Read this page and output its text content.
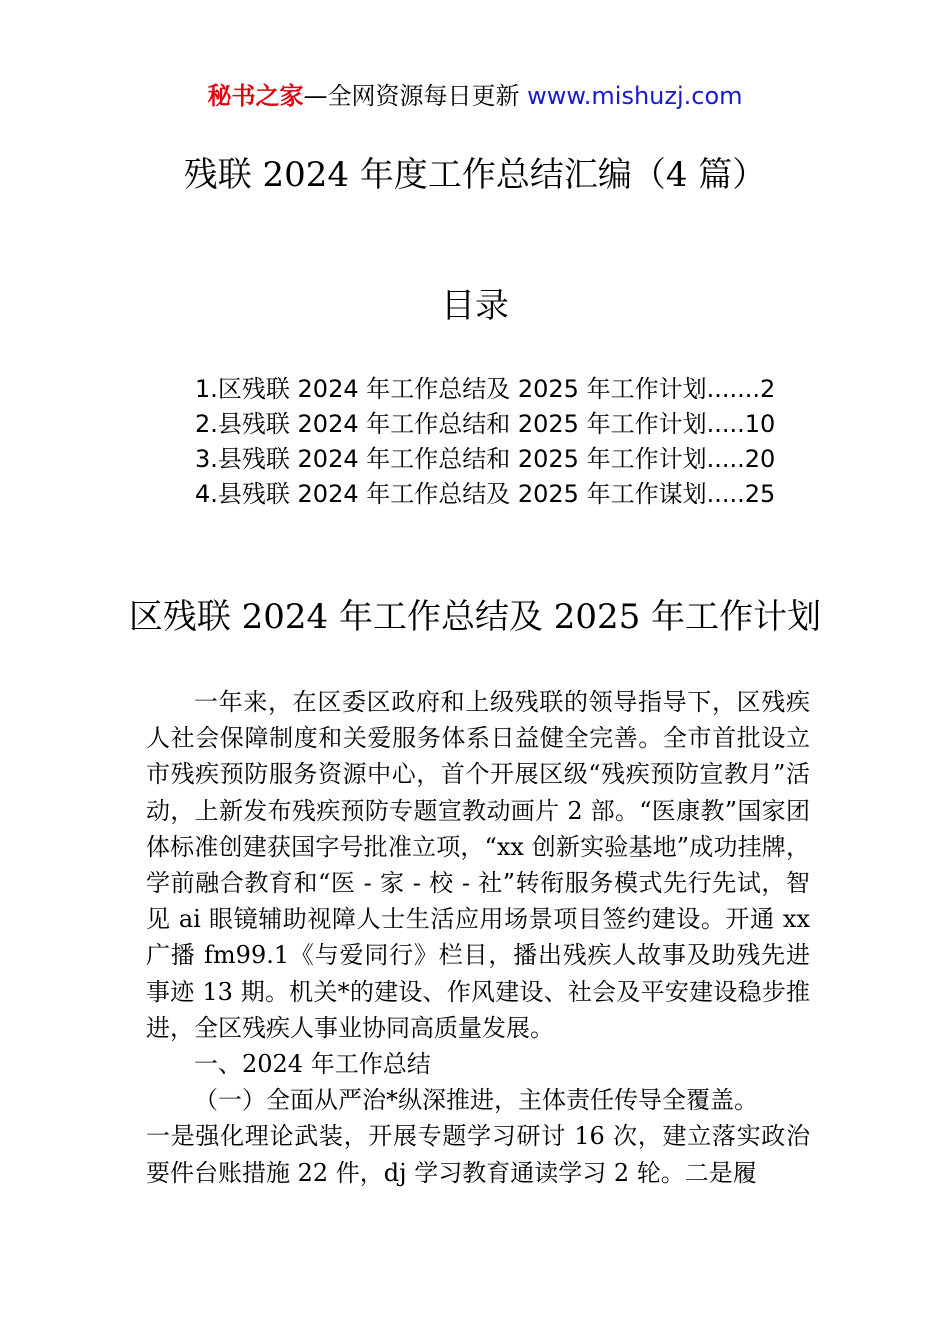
秘书之家—全网资源每日更新 www.mishuzj.com
残联 2024 年度工作总结汇编（4 篇）
目录
1.区残联 2024 年工作总结及 2025 年工作计划.......2
2.县残联 2024 年工作总结和 2025 年工作计划.....10
3.县残联 2024 年工作总结和 2025 年工作计划.....20
4.县残联 2024 年工作总结及 2025 年工作谋划.....25
区残联 2024 年工作总结及 2025 年工作计划

一年来，在区委区政府和上级残联的领导指导下，区残疾人社会保障制度和关爱服务体系日益健全完善。全市首批设立市残疾预防服务资源中心，首个开展区级“残疾预防宣教月”活动，上新发布残疾预防专题宣教动画片 2 部。“医康教”国家团体标准创建获国字号批准立项，“xx 创新实验基地”成功挂牌，学前融合教育和“医 - 家 - 校 - 社”转衔服务模式先行先试，智见 ai 眼镜辅助视障人士生活应用场景项目签约建设。开通 xx 广播 fm99.1《与爱同行》栏目，播出残疾人故事及助残先进事迹 13 期。机关*的建设、作风建设、社会及平安建设稳步推进，全区残疾人事业协同高质量发展。

一、2024 年工作总结

（一）全面从严治*纵深推进，主体责任传导全覆盖。

一是强化理论武装，开展专题学习研讨 16 次，建立落实政治要件台账措施 22 件，dj 学习教育通读学习 2 轮。二是履
